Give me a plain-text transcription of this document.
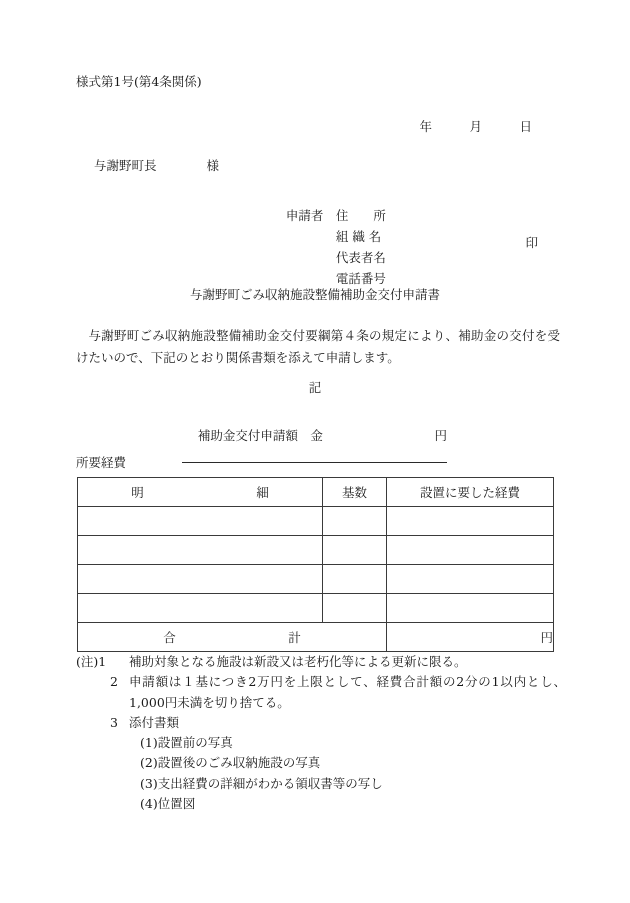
様式第1号(第4条関係)
年　　　月　　　日
与謝野町長　　　　様

申請者　 住　　所

　組 織 名

　代表者名

印

　電話番号

与謝野町ごみ収納施設整備補助金交付申請書

与謝野町ごみ収納施設整備補助金交付要綱第４条の規定により、補助金の交付を受けたいので、下記のとおり関係書類を添えて申請します。

記

円
補助金交付申請額　金

所要経費
明　　　　　　　　　細	基数	設置に要した経費

合　　　　　　　　　計		円
(注)1	補助対象となる施設は新設又は老朽化等による更新に限る。
2 申請額は１基につき2万円を上限として、経費合計額の2分の1以内とし、1,000円未満を切り捨てる。
3 添付書類
(1)設置前の写真
(2)設置後のごみ収納施設の写真
(3)支出経費の詳細がわかる領収書等の写し
(4)位置図
